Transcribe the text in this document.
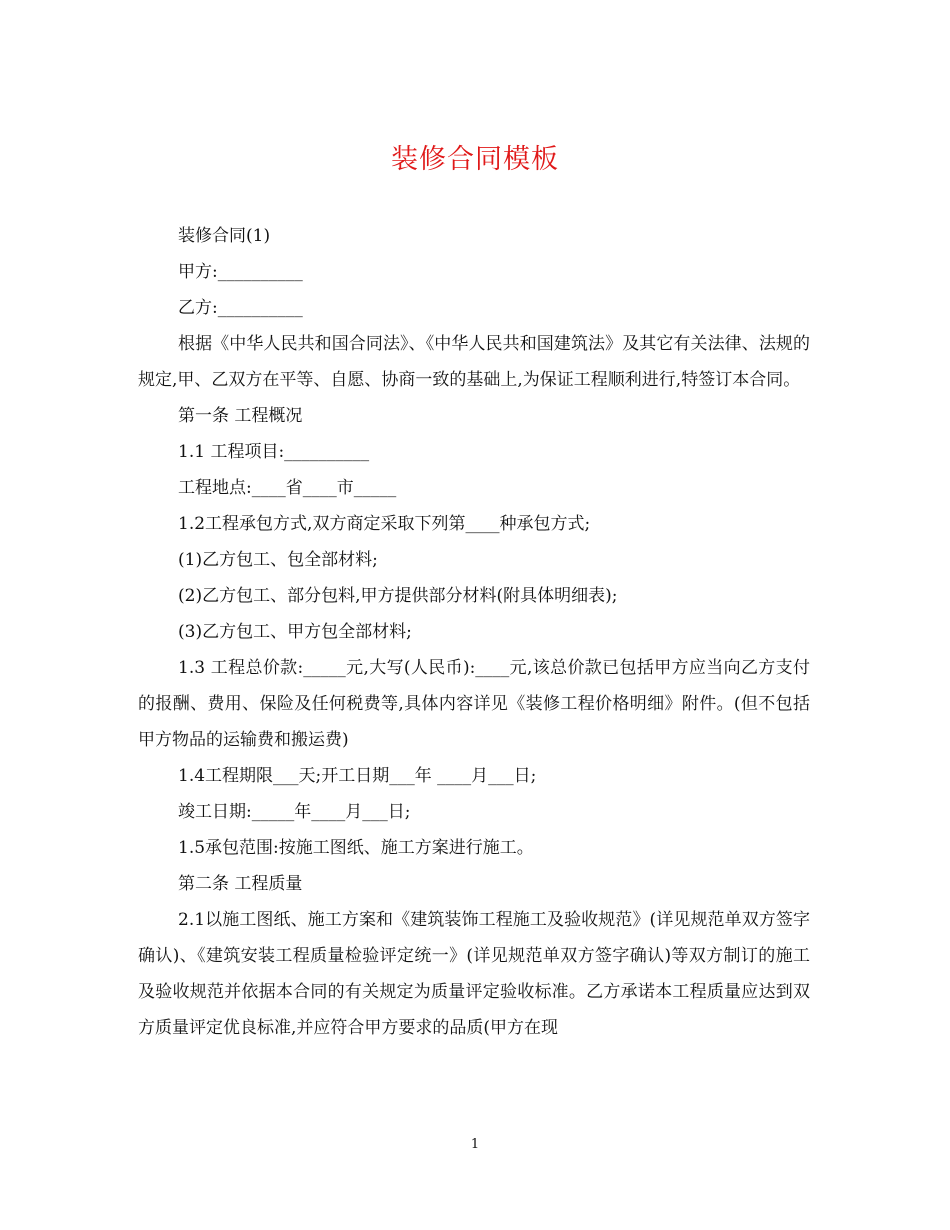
装修合同模板

装修合同(1)

甲方:__________

乙方:__________

根据《中华人民共和国合同法》、《中华人民共和国建筑法》及其它有关法律、法规的规定,甲、乙双方在平等、自愿、协商一致的基础上,为保证工程顺利进行,特签订本合同。

第一条 工程概况

1.1 工程项目:__________

工程地点:____省____市_____

1.2工程承包方式,双方商定采取下列第____种承包方式;

(1)乙方包工、包全部材料;

(2)乙方包工、部分包料,甲方提供部分材料(附具体明细表);

(3)乙方包工、甲方包全部材料;

1.3 工程总价款:_____元,大写(人民币):____元,该总价款已包括甲方应当向乙方支付的报酬、费用、保险及任何税费等,具体内容详见《装修工程价格明细》附件。(但不包括甲方物品的运输费和搬运费)

1.4工程期限___天;开工日期___年 ____月___日;

竣工日期:_____年____月___日;

1.5承包范围:按施工图纸、施工方案进行施工。

第二条 工程质量

2.1以施工图纸、施工方案和《建筑装饰工程施工及验收规范》(详见规范单双方签字确认)、《建筑安装工程质量检验评定统一》(详见规范单双方签字确认)等双方制订的施工及验收规范并依据本合同的有关规定为质量评定验收标准。乙方承诺本工程质量应达到双方质量评定优良标准,并应符合甲方要求的品质(甲方在现

1
